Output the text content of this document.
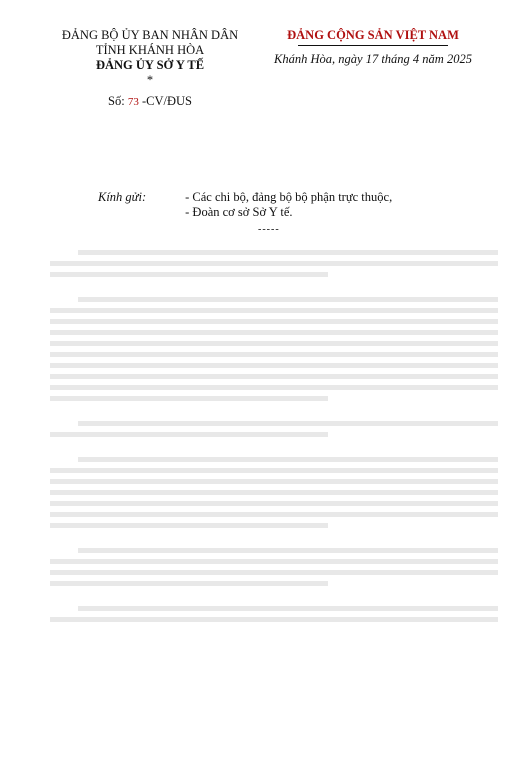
ĐẢNG BỘ ỦY BAN NHÂN DÂN
TỈNH KHÁNH HÒA
ĐẢNG ỦY SỞ Y TẾ
*
Số: 73 -CV/ĐUS
ĐẢNG CỘNG SẢN VIỆT NAM
Khánh Hòa, ngày 17 tháng 4 năm 2025
Kính gửi:	- Các chi bộ, đảng bộ bộ phận trực thuộc,
- Đoàn cơ sở Sở Y tế.
-----
